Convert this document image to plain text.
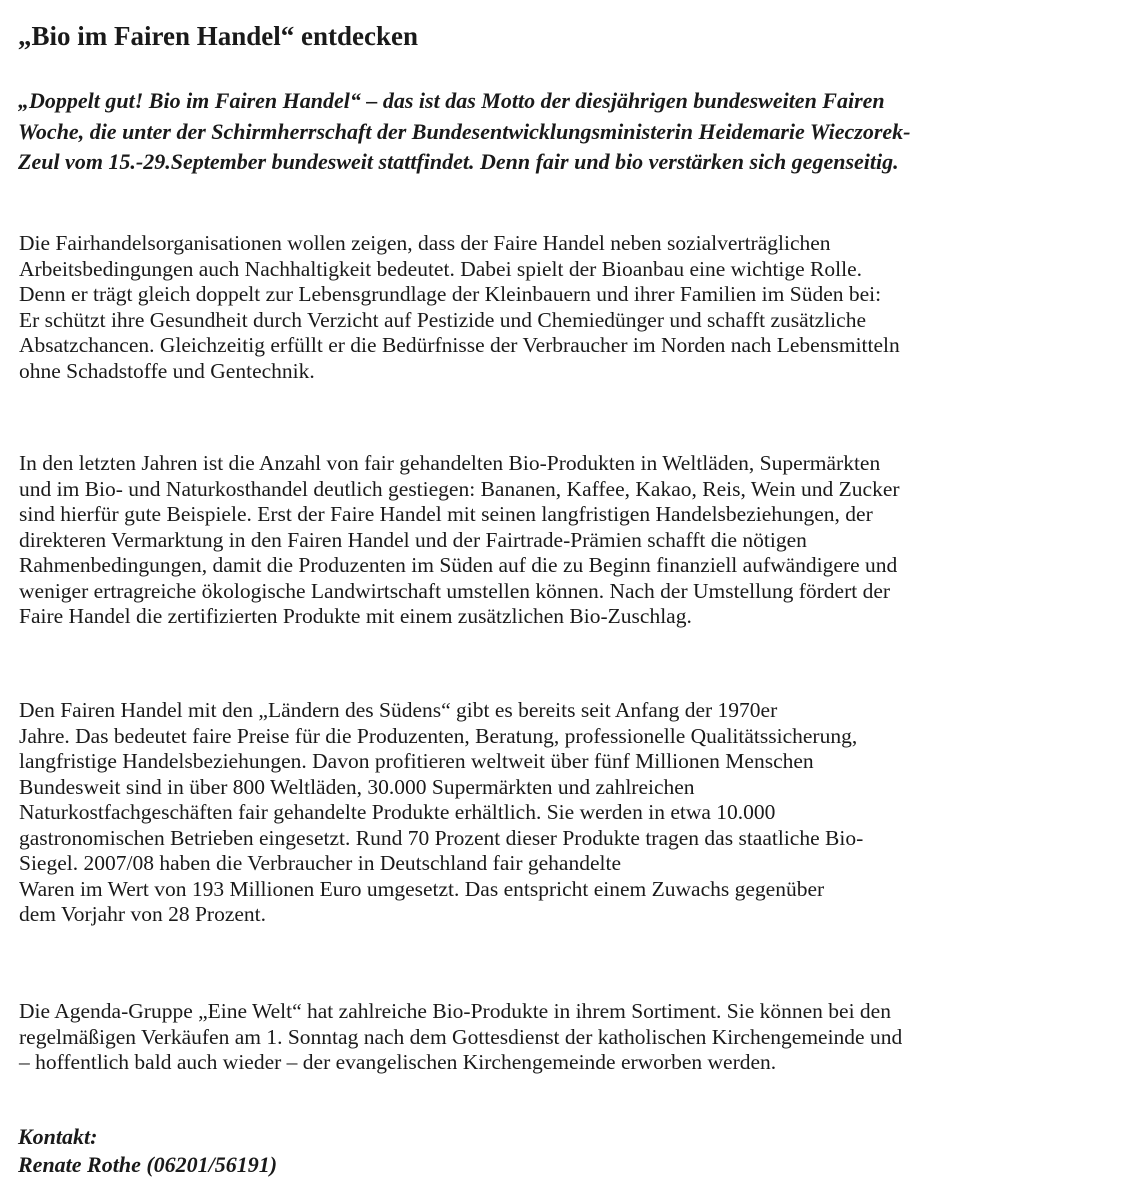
„Bio im Fairen Handel“ entdecken

„Doppelt gut! Bio im Fairen Handel“ – das ist das Motto der diesjährigen bundesweiten Fairen
Woche, die unter der Schirmherrschaft der Bundesentwicklungsministerin Heidemarie Wieczorek-
Zeul vom 15.-29.September bundesweit stattfindet. Denn fair und bio verstärken sich gegenseitig.

Die Fairhandelsorganisationen wollen zeigen, dass der Faire Handel neben sozialverträglichen
Arbeitsbedingungen auch Nachhaltigkeit bedeutet. Dabei spielt der Bioanbau eine wichtige Rolle.
Denn er trägt gleich doppelt zur Lebensgrundlage der Kleinbauern und ihrer Familien im Süden bei:
Er schützt ihre Gesundheit durch Verzicht auf Pestizide und Chemiedünger und schafft zusätzliche
Absatzchancen. Gleichzeitig erfüllt er die Bedürfnisse der Verbraucher im Norden nach Lebensmitteln
ohne Schadstoffe und Gentechnik.

In den letzten Jahren ist die Anzahl von fair gehandelten Bio-Produkten in Weltläden, Supermärkten
und im Bio- und Naturkosthandel deutlich gestiegen: Bananen, Kaffee, Kakao, Reis, Wein und Zucker
sind hierfür gute Beispiele. Erst der Faire Handel mit seinen langfristigen Handelsbeziehungen, der
direkteren Vermarktung in den Fairen Handel und der Fairtrade-Prämien schafft die nötigen
Rahmenbedingungen, damit die Produzenten im Süden auf die zu Beginn finanziell aufwändigere und
weniger ertragreiche ökologische Landwirtschaft umstellen können. Nach der Umstellung fördert der
Faire Handel die zertifizierten Produkte mit einem zusätzlichen Bio-Zuschlag.

Den Fairen Handel mit den „Ländern des Südens“ gibt es bereits seit Anfang der 1970er
Jahre. Das bedeutet faire Preise für die Produzenten, Beratung, professionelle Qualitätssicherung,
langfristige Handelsbeziehungen. Davon profitieren weltweit über fünf Millionen Menschen
Bundesweit sind in über 800 Weltläden, 30.000 Supermärkten und zahlreichen
Naturkostfachgeschäften fair gehandelte Produkte erhältlich. Sie werden in etwa 10.000
gastronomischen Betrieben eingesetzt. Rund 70 Prozent dieser Produkte tragen das staatliche Bio-
Siegel. 2007/08 haben die Verbraucher in Deutschland fair gehandelte
Waren im Wert von 193 Millionen Euro umgesetzt. Das entspricht einem Zuwachs gegenüber
dem Vorjahr von 28 Prozent.

Die Agenda-Gruppe „Eine Welt“ hat zahlreiche Bio-Produkte in ihrem Sortiment. Sie können bei den
regelmäßigen Verkäufen am 1. Sonntag nach dem Gottesdienst der katholischen Kirchengemeinde und
– hoffentlich bald auch wieder – der evangelischen Kirchengemeinde erworben werden.

Kontakt:
Renate Rothe (06201/56191)
